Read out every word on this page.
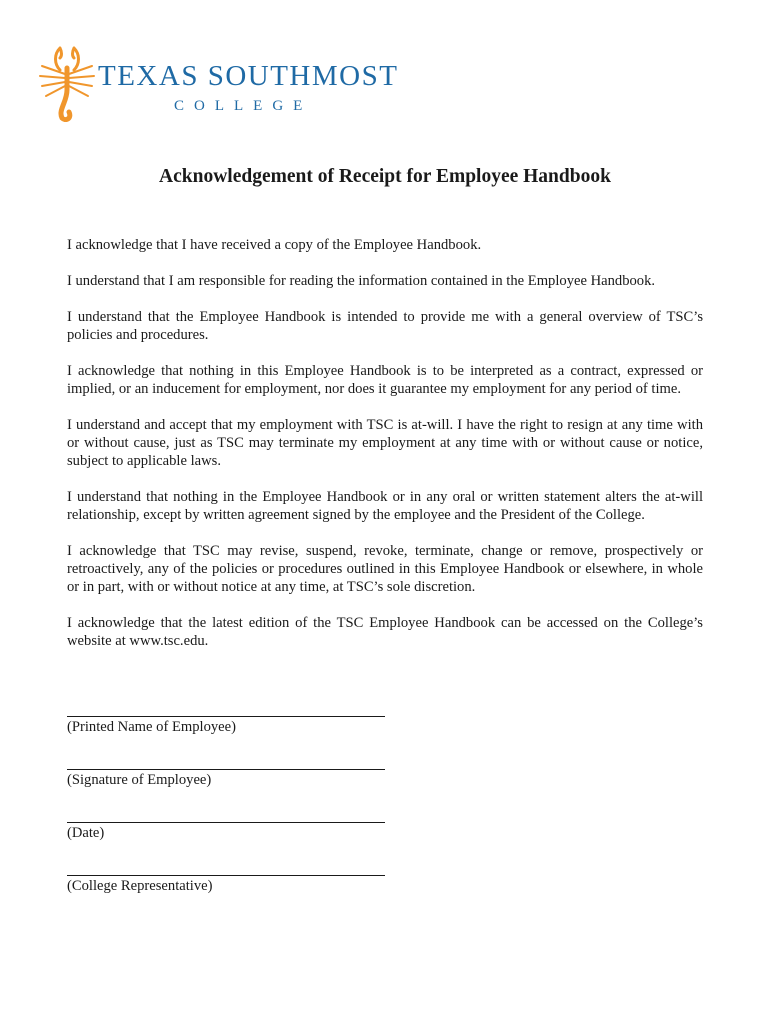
TEXAS SOUTHMOST
COLLEGE
Acknowledgement of Receipt for Employee Handbook

I acknowledge that I have received a copy of the Employee Handbook.

I understand that I am responsible for reading the information contained in the Employee Handbook.

I understand that the Employee Handbook is intended to provide me with a general overview of TSC’s policies and procedures.

I acknowledge that nothing in this Employee Handbook is to be interpreted as a contract, expressed or implied, or an inducement for employment, nor does it guarantee my employment for any period of time.

I understand and accept that my employment with TSC is at-will. I have the right to resign at any time with or without cause, just as TSC may terminate my employment at any time with or without cause or notice, subject to applicable laws.

I understand that nothing in the Employee Handbook or in any oral or written statement alters the at-will relationship, except by written agreement signed by the employee and the President of the College.

I acknowledge that TSC may revise, suspend, revoke, terminate, change or remove, prospectively or retroactively, any of the policies or procedures outlined in this Employee Handbook or elsewhere, in whole or in part, with or without notice at any time, at TSC’s sole discretion.

I acknowledge that the latest edition of the TSC Employee Handbook can be accessed on the College’s website at www.tsc.edu.

(Printed Name of Employee)
(Signature of Employee)
(Date)
(College Representative)
